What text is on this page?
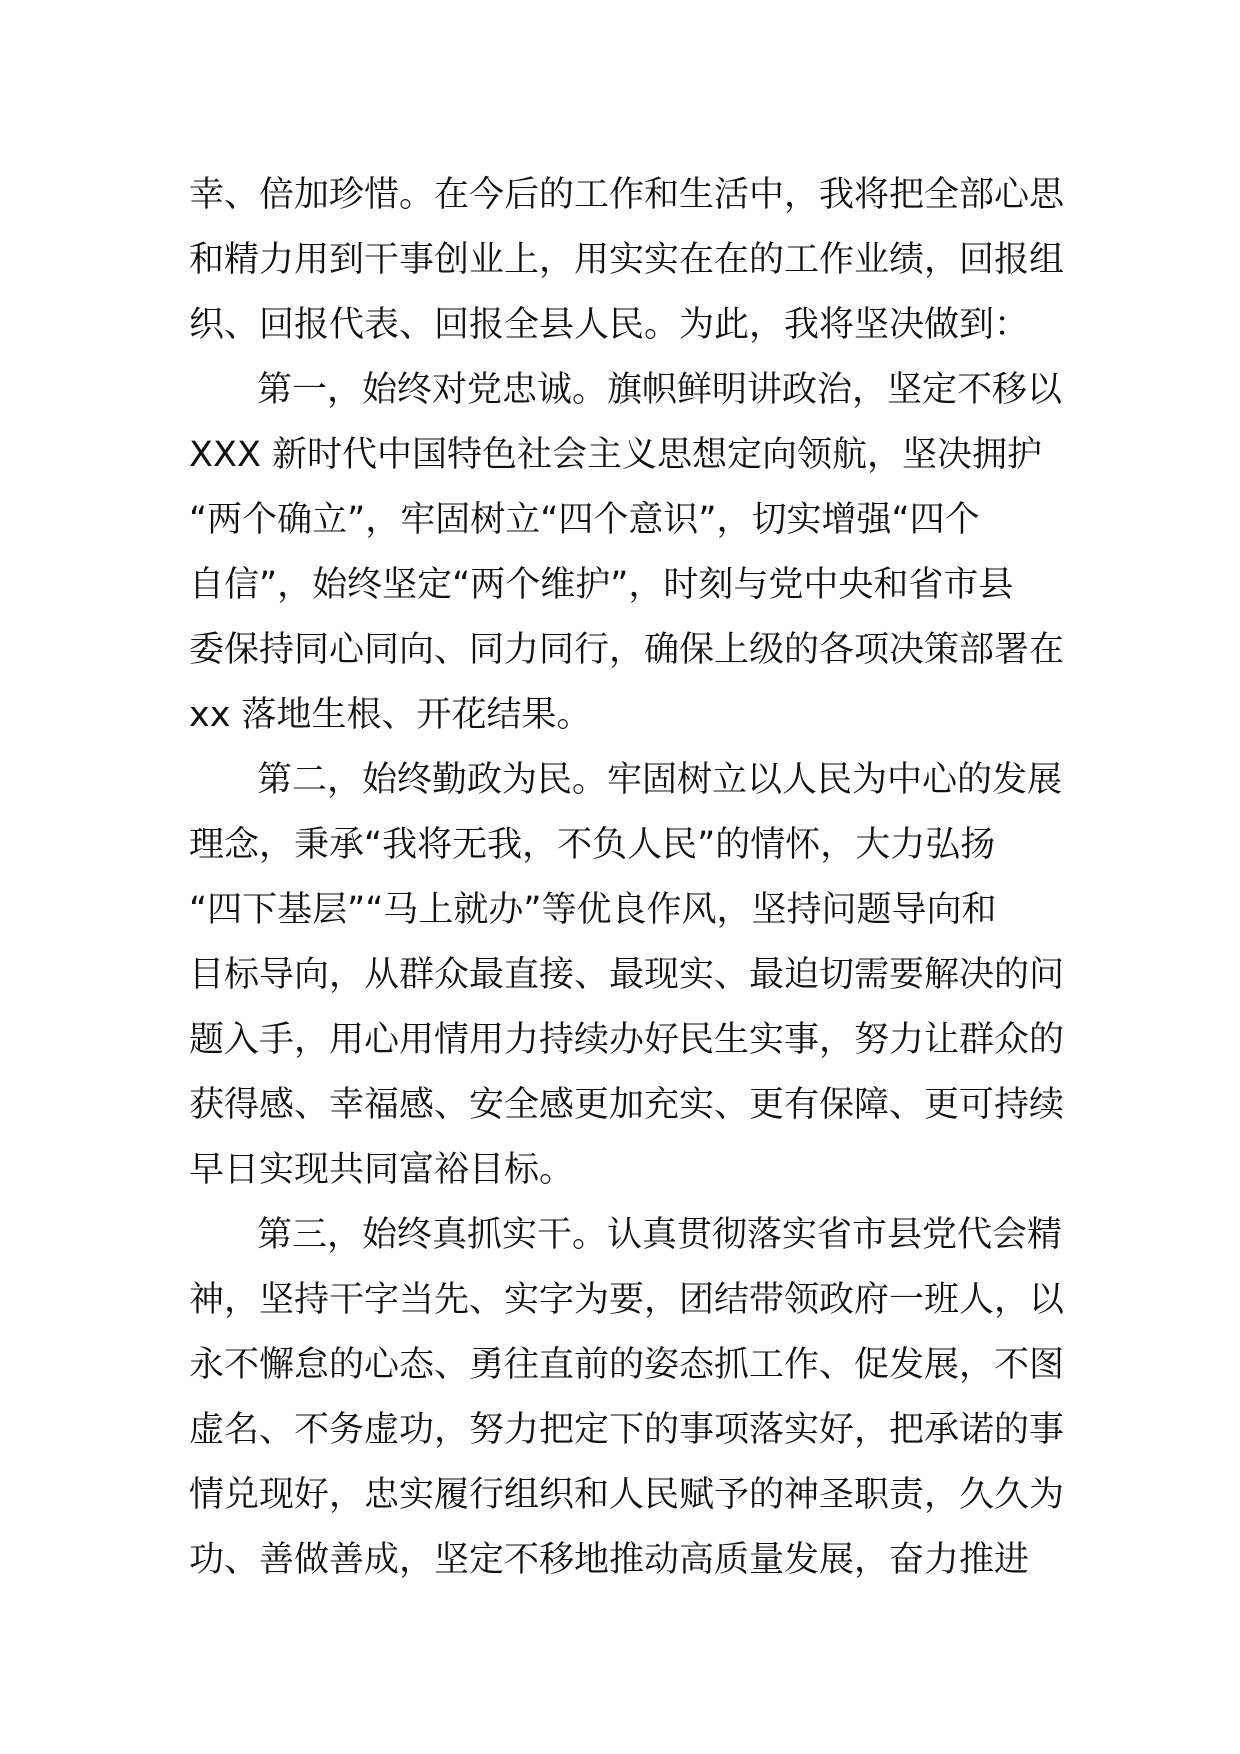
幸、倍加珍惜。在今后的工作和生活中，我将把全部心思
和精力用到干事创业上，用实实在在的工作业绩，回报组
织、回报代表、回报全县人民。为此，我将坚决做到：
第一，始终对党忠诚。旗帜鲜明讲政治，坚定不移以
XXX 新时代中国特色社会主义思想定向领航，坚决拥护
“两个确立”，牢固树立“四个意识”，切实增强“四个
自信”，始终坚定“两个维护”，时刻与党中央和省市县
委保持同心同向、同力同行，确保上级的各项决策部署在
xx 落地生根、开花结果。
第二，始终勤政为民。牢固树立以人民为中心的发展
理念，秉承“我将无我，不负人民”的情怀，大力弘扬
“四下基层”“马上就办”等优良作风，坚持问题导向和
目标导向，从群众最直接、最现实、最迫切需要解决的问
题入手，用心用情用力持续办好民生实事，努力让群众的
获得感、幸福感、安全感更加充实、更有保障、更可持续
早日实现共同富裕目标。
第三，始终真抓实干。认真贯彻落实省市县党代会精
神，坚持干字当先、实字为要，团结带领政府一班人，以
永不懈怠的心态、勇往直前的姿态抓工作、促发展，不图
虚名、不务虚功，努力把定下的事项落实好，把承诺的事
情兑现好，忠实履行组织和人民赋予的神圣职责，久久为
功、善做善成，坚定不移地推动高质量发展，奋力推进
